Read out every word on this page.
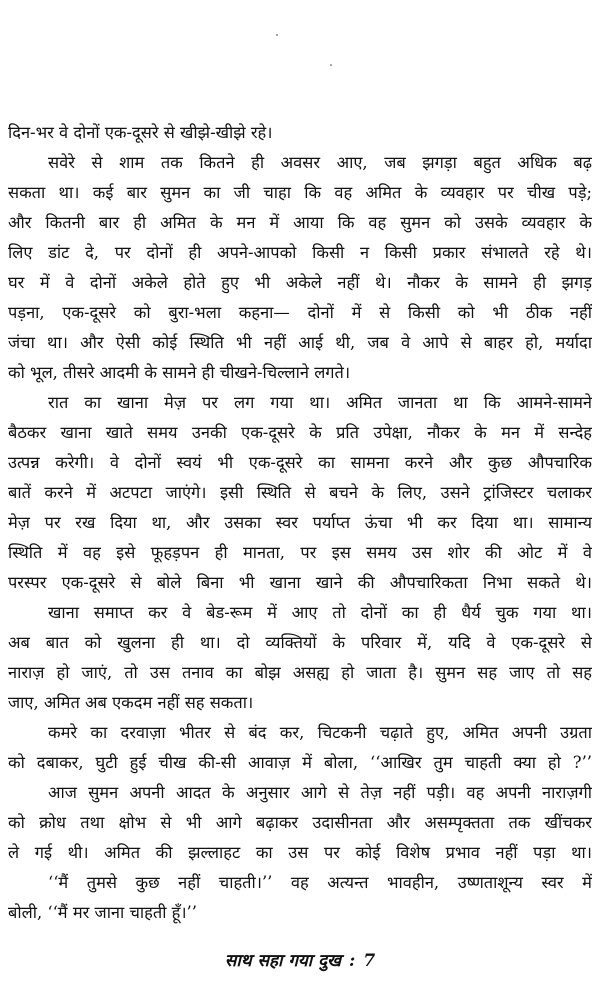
दिन-भर वे दोनों एक-दूसरे से खीझे-खीझे रहे।
सवेरे से शाम तक कितने ही अवसर आए, जब झगड़ा बहुत अधिक बढ़
सकता था। कई बार सुमन का जी चाहा कि वह अमित के व्यवहार पर चीख पड़े;
और कितनी बार ही अमित के मन में आया कि वह सुमन को उसके व्यवहार के
लिए डांट दे, पर दोनों ही अपने-आपको किसी न किसी प्रकार संभालते रहे थे।
घर में वे दोनों अकेले होते हुए भी अकेले नहीं थे। नौकर के सामने ही झगड़
पड़ना, एक-दूसरे को बुरा-भला कहना— दोनों में से किसी को भी ठीक नहीं
जंचा था। और ऐसी कोई स्थिति भी नहीं आई थी, जब वे आपे से बाहर हो, मर्यादा
को भूल, तीसरे आदमी के सामने ही चीखने-चिल्लाने लगते।
रात का खाना मेज़ पर लग गया था। अमित जानता था कि आमने-सामने
बैठकर खाना खाते समय उनकी एक-दूसरे के प्रति उपेक्षा, नौकर के मन में सन्देह
उत्पन्न करेगी। वे दोनों स्वयं भी एक-दूसरे का सामना करने और कुछ औपचारिक
बातें करने में अटपटा जाएंगे। इसी स्थिति से बचने के लिए, उसने ट्रांजिस्टर चलाकर
मेज़ पर रख दिया था, और उसका स्वर पर्याप्त ऊंचा भी कर दिया था। सामान्य
स्थिति में वह इसे फूहड़पन ही मानता, पर इस समय उस शोर की ओट में वे
परस्पर एक-दूसरे से बोले बिना भी खाना खाने की औपचारिकता निभा सकते थे।
खाना समाप्त कर वे बेड-रूम में आए तो दोनों का ही धैर्य चुक गया था।
अब बात को खुलना ही था। दो व्यक्तियों के परिवार में, यदि वे एक-दूसरे से
नाराज़ हो जाएं, तो उस तनाव का बोझ असह्य हो जाता है। सुमन सह जाए तो सह
जाए, अमित अब एकदम नहीं सह सकता।
कमरे का दरवाज़ा भीतर से बंद कर, चिटकनी चढ़ाते हुए, अमित अपनी उग्रता
को दबाकर, घुटी हुई चीख की-सी आवाज़ में बोला, ‘‘आखिर तुम चाहती क्या हो ?’’
आज सुमन अपनी आदत के अनुसार आगे से तेज़ नहीं पड़ी। वह अपनी नाराज़गी
को क्रोध तथा क्षोभ से भी आगे बढ़ाकर उदासीनता और असम्पृक्तता तक खींचकर
ले गई थी। अमित की झल्लाहट का उस पर कोई विशेष प्रभाव नहीं पड़ा था।
‘‘मैं तुमसे कुछ नहीं चाहती।’’ वह अत्यन्त भावहीन, उष्णताशून्य स्वर में
बोली, ‘‘मैं मर जाना चाहती हूँ।’’
साथ सहा गया दुख : 7
